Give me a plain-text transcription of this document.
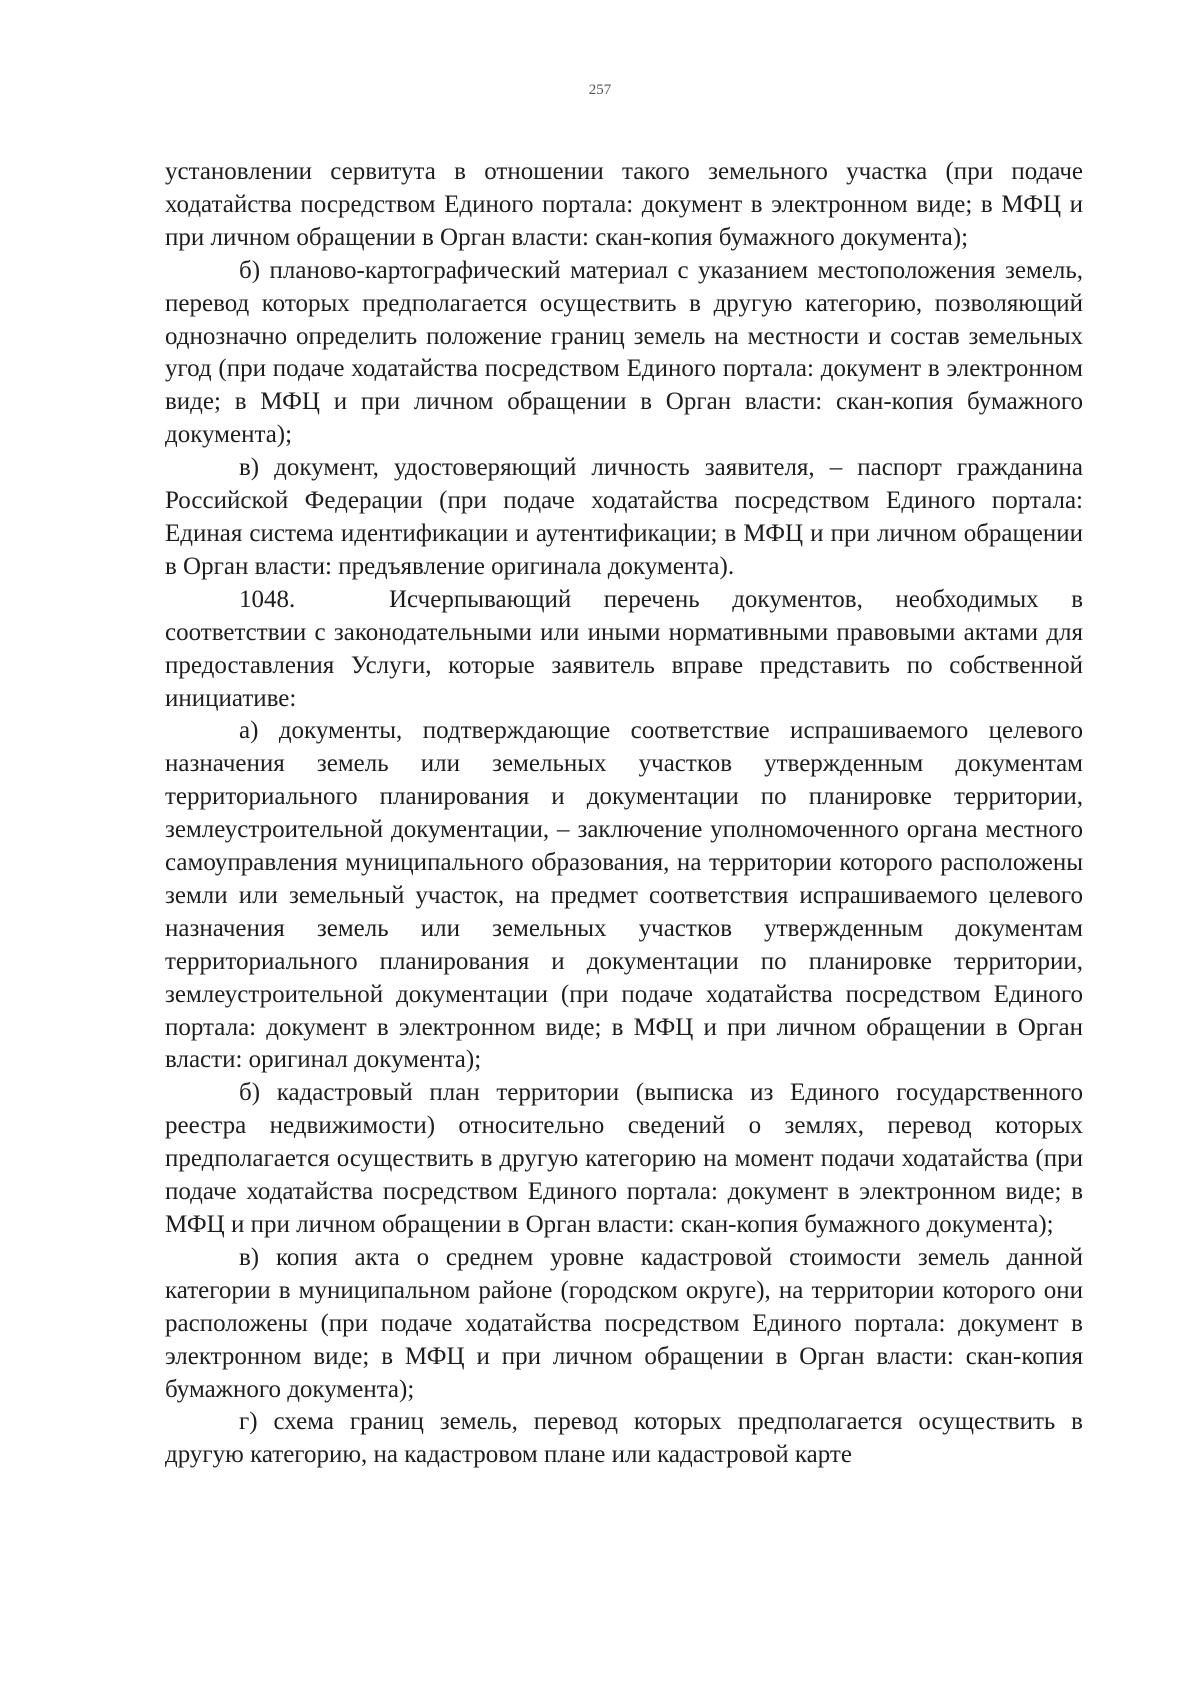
257

установлении сервитута в отношении такого земельного участка (при подаче ходатайства посредством Единого портала: документ в электронном виде; в МФЦ и при личном обращении в Орган власти: скан-копия бумажного документа);

б) планово-картографический материал с указанием местоположения земель, перевод которых предполагается осуществить в другую категорию, позволяющий однозначно определить положение границ земель на местности и состав земельных угод (при подаче ходатайства посредством Единого портала: документ в электронном виде; в МФЦ и при личном обращении в Орган власти: скан-копия бумажного документа);

в) документ, удостоверяющий личность заявителя, – паспорт гражданина Российской Федерации (при подаче ходатайства посредством Единого портала: Единая система идентификации и аутентификации; в МФЦ и при личном обращении в Орган власти: предъявление оригинала документа).

1048.	Исчерпывающий перечень документов, необходимых в соответствии с законодательными или иными нормативными правовыми актами для предоставления Услуги, которые заявитель вправе представить по собственной инициативе:

а) документы, подтверждающие соответствие испрашиваемого целевого назначения земель или земельных участков утвержденным документам территориального планирования и документации по планировке территории, землеустроительной документации, – заключение уполномоченного органа местного самоуправления муниципального образования, на территории которого расположены земли или земельный участок, на предмет соответствия испрашиваемого целевого назначения земель или земельных участков утвержденным документам территориального планирования и документации по планировке территории, землеустроительной документации (при подаче ходатайства посредством Единого портала: документ в электронном виде; в МФЦ и при личном обращении в Орган власти: оригинал документа);

б) кадастровый план территории (выписка из Единого государственного реестра недвижимости) относительно сведений о землях, перевод которых предполагается осуществить в другую категорию на момент подачи ходатайства (при подаче ходатайства посредством Единого портала: документ в электронном виде; в МФЦ и при личном обращении в Орган власти: скан-копия бумажного документа);

в) копия акта о среднем уровне кадастровой стоимости земель данной категории в муниципальном районе (городском округе), на территории которого они расположены (при подаче ходатайства посредством Единого портала: документ в электронном виде; в МФЦ и при личном обращении в Орган власти: скан-копия бумажного документа);

г) схема границ земель, перевод которых предполагается осуществить в другую категорию, на кадастровом плане или кадастровой карте
